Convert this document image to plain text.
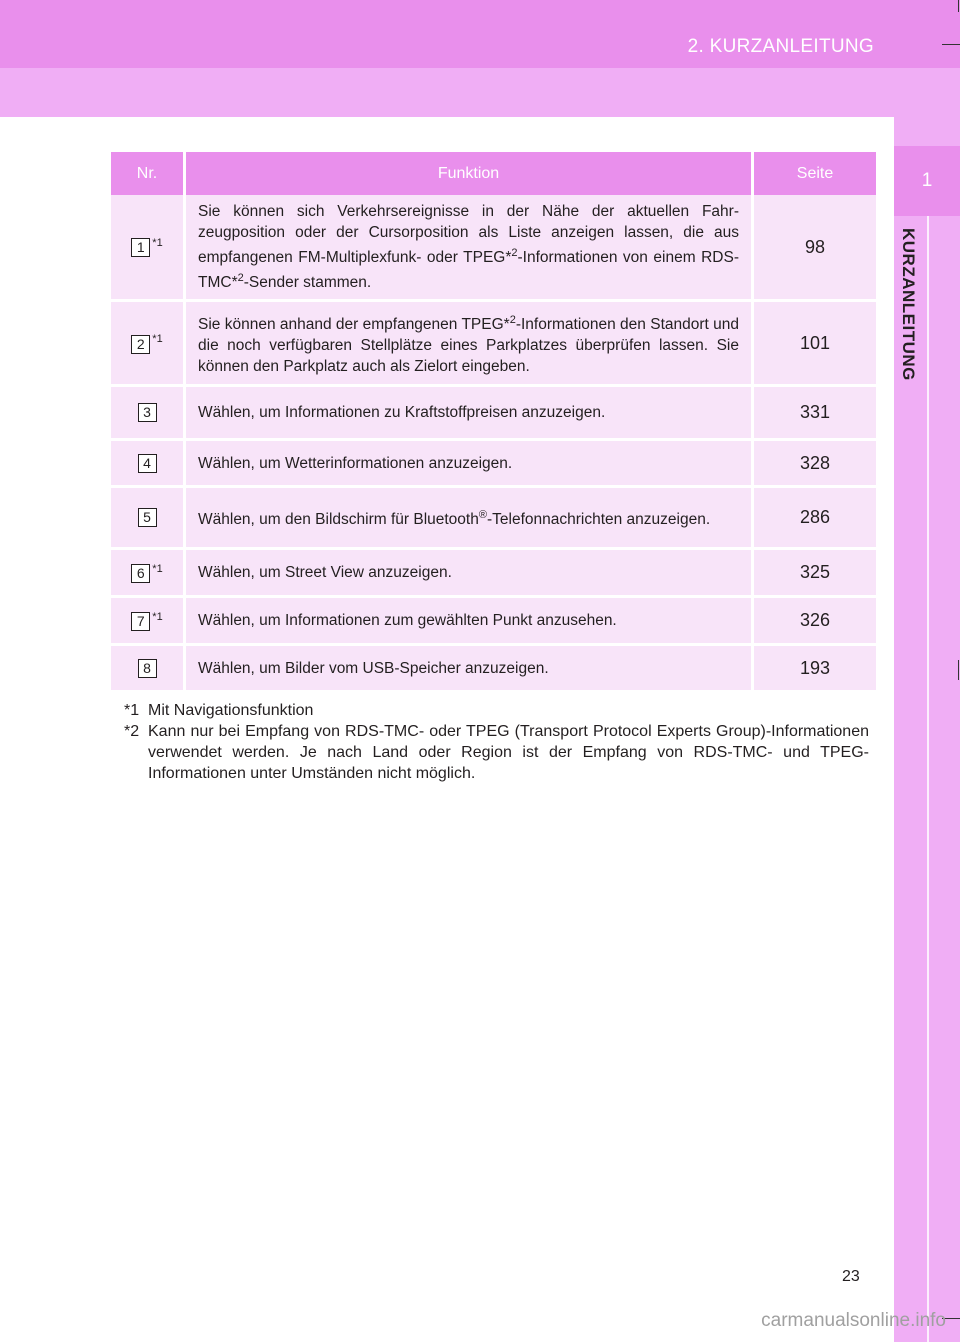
2. KURZANLEITUNG
1
KURZANLEITUNG
Nr.	Funktion	Seite
1 $^{*1}$	Sie können sich Verkehrsereignisse in der Nähe der aktuellen Fahrzeugposition oder der Cursorposition als Liste anzeigen lassen, die aus empfangenen FM-Multiplexfunk- oder TPEG*$^2$-Informationen von einem RDS-TMC*$^2$-Sender stammen.	98
2 $^{*1}$	Sie können anhand der empfangenen TPEG*$^2$-Informationen den Standort und die noch verfügbaren Stellplätze eines Parkplatzes überprüfen lassen. Sie können den Parkplatz auch als Zielort eingeben.	101
3	Wählen, um Informationen zu Kraftstoffpreisen anzuzeigen.	331
4	Wählen, um Wetterinformationen anzuzeigen.	328
5	Wählen, um den Bildschirm für Bluetooth®-Telefonnachrichten anzuzeigen.	286
6 $^{*1}$	Wählen, um Street View anzuzeigen.	325
7 $^{*1}$	Wählen, um Informationen zum gewählten Punkt anzusehen.	326
8	Wählen, um Bilder vom USB-Speicher anzuzeigen.	193
*1 Mit Navigationsfunktion
*2 Kann nur bei Empfang von RDS-TMC- oder TPEG (Transport Protocol Experts Group)-Informationen verwendet werden. Je nach Land oder Region ist der Empfang von RDS-TMC- und TPEG-Informationen unter Umständen nicht möglich.
23
carmanualsonline.info
